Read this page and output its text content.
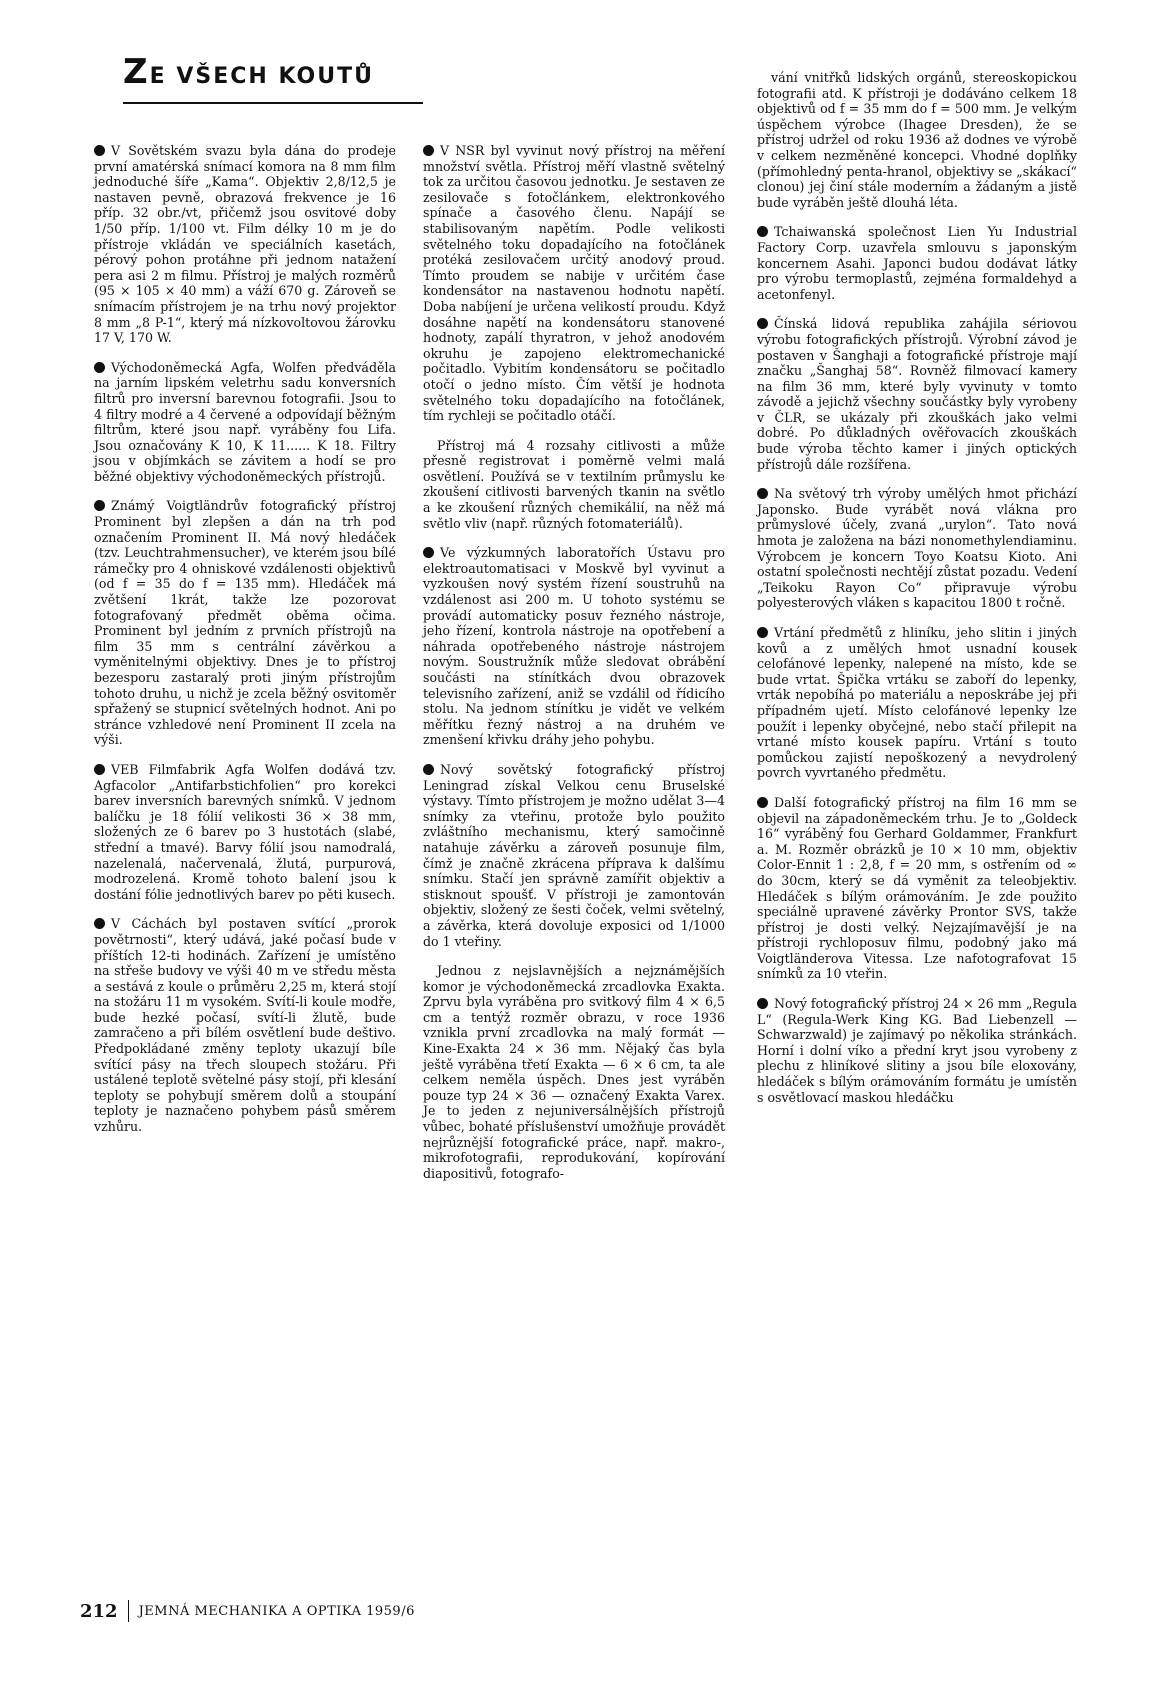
ZE VŠECH KOUTŮ

V Sovětském svazu byla dána do prodeje první amatérská snímací komora na 8 mm film jednoduché šíře „Kama“. Objektiv 2,8/12,5 je nastaven pevně, obrazová frekvence je 16 příp. 32 obr./vt, přičemž jsou osvitové doby 1/50 příp. 1/100 vt. Film délky 10 m je do přístroje vkládán ve speciálních kasetách, pérový pohon protáhne při jednom natažení pera asi 2 m filmu. Přístroj je malých rozměrů (95 × 105 × 40 mm) a váží 670 g. Zároveň se snímacím přístrojem je na trhu nový projektor 8 mm „8 P-1“, který má nízkovoltovou žárovku 17 V, 170 W.

Východoněmecká Agfa, Wolfen předváděla na jarním lipském veletrhu sadu konversních filtrů pro inversní barevnou fotografii. Jsou to 4 filtry modré a 4 červené a odpovídají běžným filtrům, které jsou např. vyráběny fou Lifa. Jsou označovány K 10, K 11...... K 18. Filtry jsou v objímkách se závitem a hodí se pro běžné objektivy východoněmeckých přístrojů.

Známý Voigtländrův fotografický přístroj Prominent byl zlepšen a dán na trh pod označením Prominent II. Má nový hledáček (tzv. Leuchtrahmensucher), ve kterém jsou bílé rámečky pro 4 ohniskové vzdálenosti objektivů (od f = 35 do f = 135 mm). Hledáček má zvětšení 1krát, takže lze pozorovat fotografovaný předmět oběma očima. Prominent byl jedním z prvních přístrojů na film 35 mm s centrální závěrkou a vyměnitelnými objektivy. Dnes je to přístroj bezesporu zastaralý proti jiným přístrojům tohoto druhu, u nichž je zcela běžný osvitoměr spřažený se stupnicí světelných hodnot. Ani po stránce vzhledové není Prominent II zcela na výši.

VEB Filmfabrik Agfa Wolfen dodává tzv. Agfacolor „Antifarbstichfolien“ pro korekci barev inversních barevných snímků. V jednom balíčku je 18 fólií velikosti 36 × 38 mm, složených ze 6 barev po 3 hustotách (slabé, střední a tmavé). Barvy fólií jsou namodralá, nazelenalá, načervenalá, žlutá, purpurová, modrozelená. Kromě tohoto balení jsou k dostání fólie jednotlivých barev po pěti kusech.

V Cáchách byl postaven svítící „prorok povětrnosti“, který udává, jaké počasí bude v příštích 12-ti hodinách. Zařízení je umístěno na střeše budovy ve výši 40 m ve středu města a sestává z koule o průměru 2,25 m, která stojí na stožáru 11 m vysokém. Svítí-li koule modře, bude hezké počasí, svítí-li žlutě, bude zamračeno a při bílém osvětlení bude deštivo. Předpokládané změny teploty ukazují bíle svítící pásy na třech sloupech stožáru. Při ustálené teplotě světelné pásy stojí, při klesání teploty se pohybují směrem dolů a stoupání teploty je naznačeno pohybem pásů směrem vzhůru.

V NSR byl vyvinut nový přístroj na měření množství světla. Přístroj měří vlastně světelný tok za určitou časovou jednotku. Je sestaven ze zesilovače s fotočlánkem, elektronkového spínače a časového členu. Napájí se stabilisovaným napětím. Podle velikosti světelného toku dopadajícího na fotočlánek protéká zesilovačem určitý anodový proud. Tímto proudem se nabije v určitém čase kondensátor na nastavenou hodnotu napětí. Doba nabíjení je určena velikostí proudu. Když dosáhne napětí na kondensátoru stanovené hodnoty, zapálí thyratron, v jehož anodovém okruhu je zapojeno elektromechanické počitadlo. Vybitím kondensátoru se počitadlo otočí o jedno místo. Čím větší je hodnota světelného toku dopadajícího na fotočlánek, tím rychleji se počitadlo otáčí.

Přístroj má 4 rozsahy citlivosti a může přesně registrovat i poměrně velmi malá osvětlení. Používá se v textilním průmyslu ke zkoušení citlivosti barvených tkanin na světlo a ke zkoušení různých chemikálií, na něž má světlo vliv (např. různých fotomateriálů).

Ve výzkumných laboratořích Ústavu pro elektroautomatisaci v Moskvě byl vyvinut a vyzkoušen nový systém řízení soustruhů na vzdálenost asi 200 m. U tohoto systému se provádí automaticky posuv řezného nástroje, jeho řízení, kontrola nástroje na opotřebení a náhrada opotřebeného nástroje nástrojem novým. Soustružník může sledovat obrábění součásti na stínítkách dvou obrazovek televisního zařízení, aniž se vzdálil od řídicího stolu. Na jednom stínítku je vidět ve velkém měřítku řezný nástroj a na druhém ve zmenšení křivku dráhy jeho pohybu.

Nový sovětský fotografický přístroj Leningrad získal Velkou cenu Bruselské výstavy. Tímto přístrojem je možno udělat 3—4 snímky za vteřinu, protože bylo použito zvláštního mechanismu, který samočinně natahuje závěrku a zároveň posunuje film, čímž je značně zkrácena příprava k dalšímu snímku. Stačí jen správně zamířit objektiv a stisknout spoušť. V přístroji je zamontován objektiv, složený ze šesti čoček, velmi světelný, a závěrka, která dovoluje exposici od 1/1000 do 1 vteřiny.

Jednou z nejslavnějších a nejznámějších komor je východoněmecká zrcadlovka Exakta. Zprvu byla vyráběna pro svitkový film 4 × 6,5 cm a tentýž rozměr obrazu, v roce 1936 vznikla první zrcadlovka na malý formát — Kine-Exakta 24 × 36 mm. Nějaký čas byla ještě vyráběna třetí Exakta — 6 × 6 cm, ta ale celkem neměla úspěch. Dnes jest vyráběn pouze typ 24 × 36 — označený Exakta Varex. Je to jeden z nejuniversálnějších přístrojů vůbec, bohaté příslušenství umožňuje provádět nejrůznější fotografické práce, např. makro-, mikrofotografii, reprodukování, kopírování diapositivů, fotografo-

vání vnitřků lidských orgánů, stereoskopickou fotografii atd. K přístroji je dodáváno celkem 18 objektivů od f = 35 mm do f = 500 mm. Je velkým úspěchem výrobce (Ihagee Dresden), že se přístroj udržel od roku 1936 až dodnes ve výrobě v celkem nezměněné koncepci. Vhodné doplňky (přímohledný penta-hranol, objektivy se „skákací“ clonou) jej činí stále moderním a žádaným a jistě bude vyráběn ještě dlouhá léta.

Tchaiwanská společnost Lien Yu Industrial Factory Corp. uzavřela smlouvu s japonským koncernem Asahi. Japonci budou dodávat látky pro výrobu termoplastů, zejména formaldehyd a acetonfenyl.

Čínská lidová republika zahájila sériovou výrobu fotografických přístrojů. Výrobní závod je postaven v Šanghaji a fotografické přístroje mají značku „Šanghaj 58“. Rovněž filmovací kamery na film 36 mm, které byly vyvinuty v tomto závodě a jejichž všechny součástky byly vyrobeny v ČLR, se ukázaly při zkouškách jako velmi dobré. Po důkladných ověřovacích zkouškách bude výroba těchto kamer i jiných optických přístrojů dále rozšířena.

Na světový trh výroby umělých hmot přichází Japonsko. Bude vyrábět nová vlákna pro průmyslové účely, zvaná „urylon“. Tato nová hmota je založena na bázi nonomethylendiaminu. Výrobcem je koncern Toyo Koatsu Kioto. Ani ostatní společnosti nechtějí zůstat pozadu. Vedení „Teikoku Rayon Co“ připravuje výrobu polyesterových vláken s kapacitou 1800 t ročně.

Vrtání předmětů z hliníku, jeho slitin i jiných kovů a z umělých hmot usnadní kousek celofánové lepenky, nalepené na místo, kde se bude vrtat. Špička vrtáku se zaboří do lepenky, vrták nepobíhá po materiálu a neposkrábe jej při případném ujetí. Místo celofánové lepenky lze použít i lepenky obyčejné, nebo stačí přilepit na vrtané místo kousek papíru. Vrtání s touto pomůckou zajistí nepoškozený a nevydrolený povrch vyvrtaného předmětu.

Další fotografický přístroj na film 16 mm se objevil na západoněmeckém trhu. Je to „Goldeck 16“ vyráběný fou Gerhard Goldammer, Frankfurt a. M. Rozměr obrázků je 10 × 10 mm, objektiv Color-Ennit 1 : 2,8, f = 20 mm, s ostřením od ∞ do 30cm, který se dá vyměnit za teleobjektiv. Hledáček s bílým orámováním. Je zde použito speciálně upravené závěrky Prontor SVS, takže přístroj je dosti velký. Nejzajímavější je na přístroji rychloposuv filmu, podobný jako má Voigtländerova Vitessa. Lze nafotografovat 15 snímků za 10 vteřin.

Nový fotografický přístroj 24 × 26 mm „Regula L“ (Regula-Werk King KG. Bad Liebenzell — Schwarzwald) je zajímavý po několika stránkách. Horní i dolní víko a přední kryt jsou vyrobeny z plechu z hliníkové slitiny a jsou bíle eloxovány, hledáček s bílým orámováním formátu je umístěn s osvětlovací maskou hledáčku

212 JEMNÁ MECHANIKA A OPTIKA 1959/6
